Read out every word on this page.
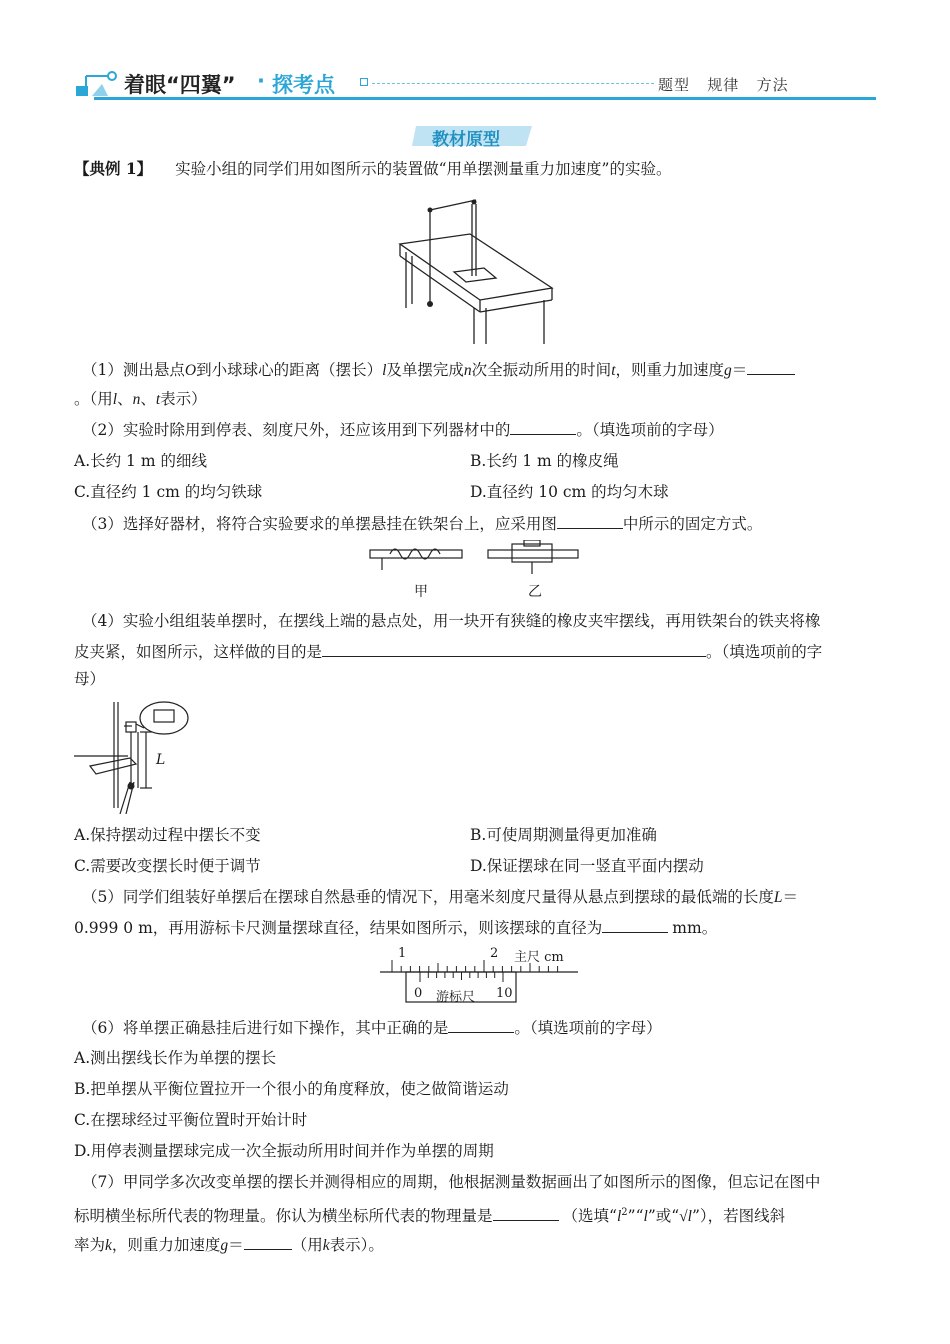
着眼“四翼” · 探考点	题型   规律   方法
教材原型
【典例 1】 实验小组的同学们用如图所示的装置做“用单摆测量重力加速度”的实验。
（1）测出悬点O到小球球心的距离（摆长）l及单摆完成n次全振动所用的时间t，则重力加速度g＝
。（用l、n、t表示）
（2）实验时除用到停表、刻度尺外，还应该用到下列器材中的	。（填选项前的字母）
A.长约 1 m 的细线	B.长约 1 m 的橡皮绳
C.直径约 1 cm 的均匀铁球	D.直径约 10 cm 的均匀木球
（3）选择好器材，将符合实验要求的单摆悬挂在铁架台上，应采用图	中所示的固定方式。
甲	乙
（4）实验小组组装单摆时，在摆线上端的悬点处，用一块开有狭缝的橡皮夹牢摆线，再用铁架台的铁夹将橡
皮夹紧，如图所示，这样做的目的是	。（填选项前的字
母）
L
A.保持摆动过程中摆长不变	B.可使周期测量得更加准确
C.需要改变摆长时便于调节	D.保证摆球在同一竖直平面内摆动
（5）同学们组装好单摆后在摆球自然悬垂的情况下，用毫米刻度尺量得从悬点到摆球的最低端的长度L＝
0.999 0 m，再用游标卡尺测量摆球直径，结果如图所示，则该摆球的直径为	mm。
1	2 主尺 cm
0 游标尺 10
（6）将单摆正确悬挂后进行如下操作，其中正确的是	。（填选项前的字母）
A.测出摆线长作为单摆的摆长
B.把单摆从平衡位置拉开一个很小的角度释放，使之做简谐运动
C.在摆球经过平衡位置时开始计时
D.用停表测量摆球完成一次全振动所用时间并作为单摆的周期
（7）甲同学多次改变单摆的摆长并测得相应的周期，他根据测量数据画出了如图所示的图像，但忘记在图中
标明横坐标所代表的物理量。你认为横坐标所代表的物理量是	（选填“$l^2”“l$”或“√l”），若图线斜
率为k，则重力加速度g＝	（用k表示）。
